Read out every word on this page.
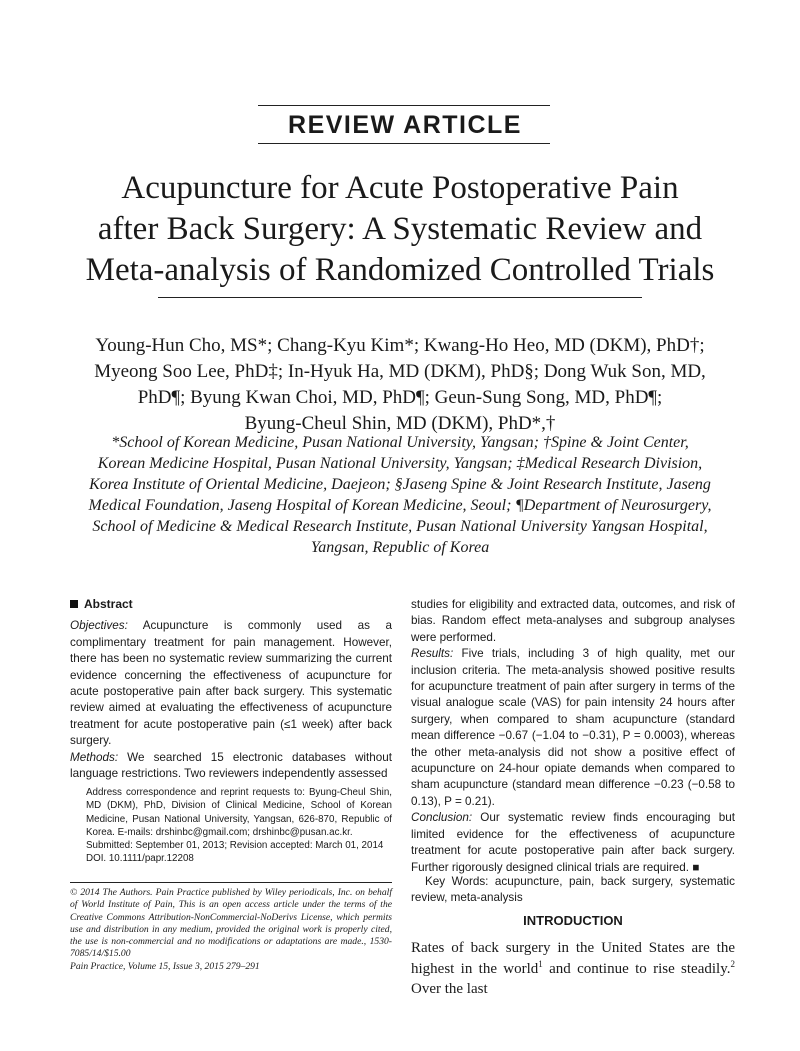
REVIEW ARTICLE
Acupuncture for Acute Postoperative Pain
after Back Surgery: A Systematic Review and
Meta-analysis of Randomized Controlled Trials
Young-Hun Cho, MS*; Chang-Kyu Kim*; Kwang-Ho Heo, MD (DKM), PhD†;
Myeong Soo Lee, PhD‡; In-Hyuk Ha, MD (DKM), PhD§; Dong Wuk Son, MD,
PhD¶; Byung Kwan Choi, MD, PhD¶; Geun-Sung Song, MD, PhD¶;
Byung-Cheul Shin, MD (DKM), PhD*,†
*School of Korean Medicine, Pusan National University, Yangsan; †Spine & Joint Center,
Korean Medicine Hospital, Pusan National University, Yangsan; ‡Medical Research Division,
Korea Institute of Oriental Medicine, Daejeon; §Jaseng Spine & Joint Research Institute, Jaseng
Medical Foundation, Jaseng Hospital of Korean Medicine, Seoul; ¶Department of Neurosurgery,
School of Medicine & Medical Research Institute, Pusan National University Yangsan Hospital,
Yangsan, Republic of Korea
Abstract

Objectives: Acupuncture is commonly used as a complimentary treatment for pain management. However, there has been no systematic review summarizing the current evidence concerning the effectiveness of acupuncture for acute postoperative pain after back surgery. This systematic review aimed at evaluating the effectiveness of acupuncture treatment for acute postoperative pain (≤1 week) after back surgery.

Methods: We searched 15 electronic databases without language restrictions. Two reviewers independently assessed

Address correspondence and reprint requests to: Byung-Cheul Shin, MD (DKM), PhD, Division of Clinical Medicine, School of Korean Medicine, Pusan National University, Yangsan, 626-870, Republic of Korea. E-mails: drshinbc@gmail.com; drshinbc@pusan.ac.kr.

Submitted: September 01, 2013; Revision accepted: March 01, 2014

DOI. 10.1111/papr.12208

© 2014 The Authors. Pain Practice published by Wiley periodicals, Inc. on behalf of World Institute of Pain, This is an open access article under the terms of the Creative Commons Attribution-NonCommercial-NoDerivs License, which permits use and distribution in any medium, provided the original work is properly cited, the use is non-commercial and no modifications or adaptations are made., 1530-7085/14/$15.00

Pain Practice, Volume 15, Issue 3, 2015 279–291

studies for eligibility and extracted data, outcomes, and risk of bias. Random effect meta-analyses and subgroup analyses were performed.

Results: Five trials, including 3 of high quality, met our inclusion criteria. The meta-analysis showed positive results for acupuncture treatment of pain after surgery in terms of the visual analogue scale (VAS) for pain intensity 24 hours after surgery, when compared to sham acupuncture (standard mean difference −0.67 (−1.04 to −0.31), P = 0.0003), whereas the other meta-analysis did not show a positive effect of acupuncture on 24-hour opiate demands when compared to sham acupuncture (standard mean difference −0.23 (−0.58 to 0.13), P = 0.21).

Conclusion: Our systematic review finds encouraging but limited evidence for the effectiveness of acupuncture treatment for acute postoperative pain after back surgery. Further rigorously designed clinical trials are required. ■

Key Words: acupuncture, pain, back surgery, systematic review, meta-analysis
INTRODUCTION
Rates of back surgery in the United States are the highest in the world$^1$ and continue to rise steadily.$^2$ Over the last
